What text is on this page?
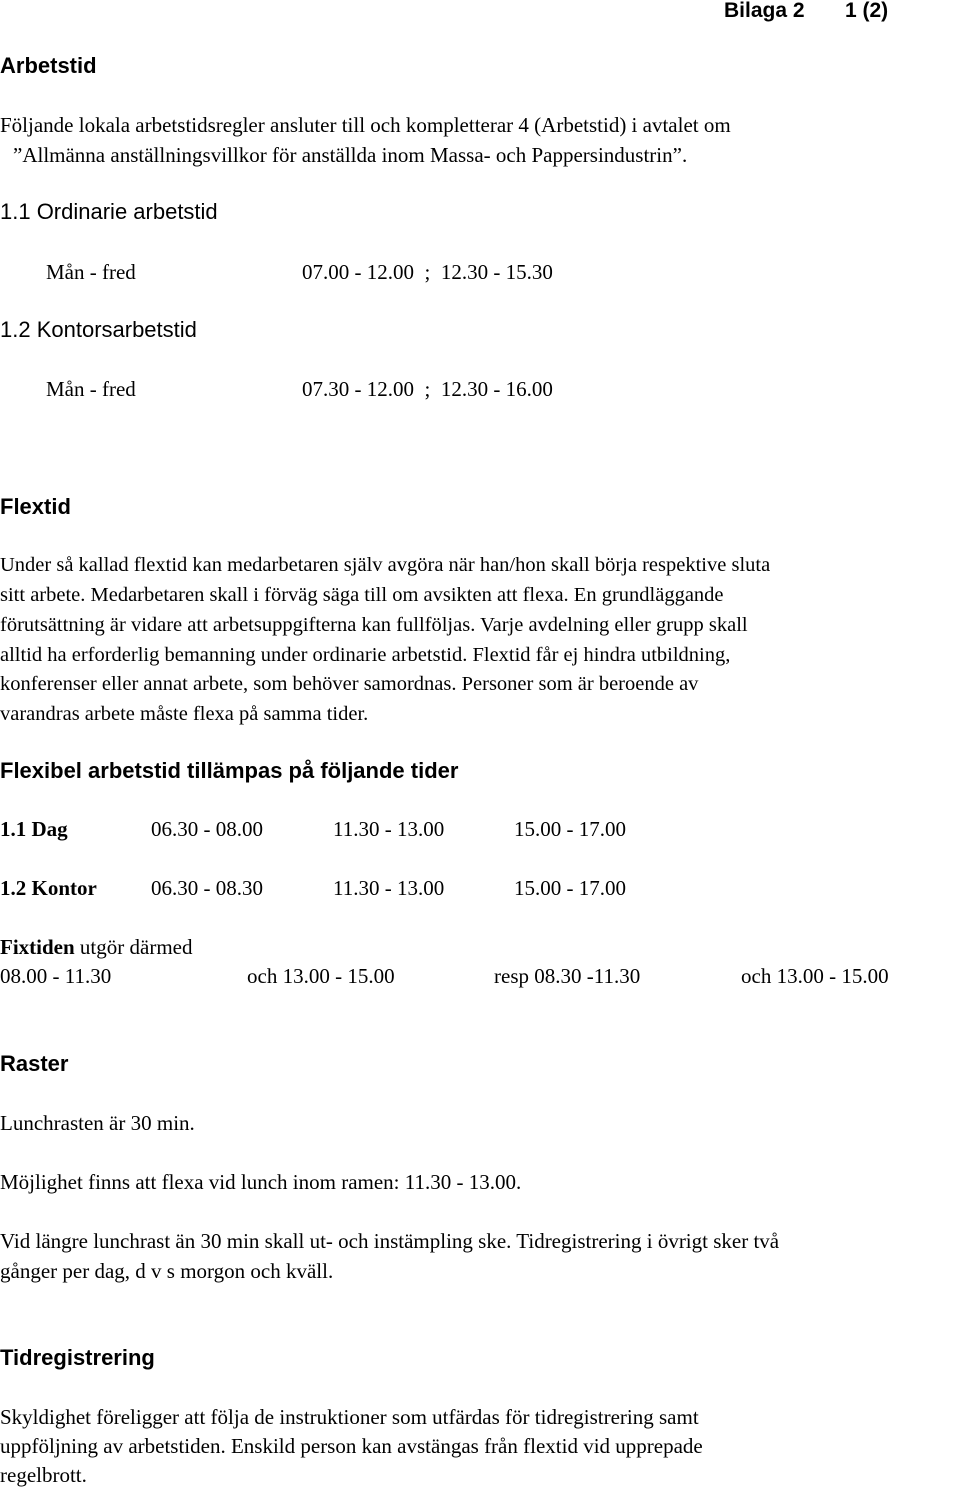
Bilaga 2 1 (2)
Arbetstid
Följande lokala arbetstidsregler ansluter till och kompletterar 4 (Arbetstid) i avtalet om
”Allmänna anställningsvillkor för anställda inom Massa- och Pappersindustrin”.
1.1 Ordinarie arbetstid
Mån - fred	07.00 - 12.00  ;  12.30 - 15.30
1.2 Kontorsarbetstid
Mån - fred	07.30 - 12.00  ;  12.30 - 16.00
Flextid
Under så kallad flextid kan medarbetaren själv avgöra när han/hon skall börja respektive sluta
sitt arbete. Medarbetaren skall i förväg säga till om avsikten att flexa. En grundläggande
förutsättning är vidare att arbetsuppgifterna kan fullföljas. Varje avdelning eller grupp skall
alltid ha erforderlig bemanning under ordinarie arbetstid. Flextid får ej hindra utbildning,
konferenser eller annat arbete, som behöver samordnas. Personer som är beroende av
varandras arbete måste flexa på samma tider.
Flexibel arbetstid tillämpas på följande tider
1.1 Dag	06.30 - 08.00	11.30 - 13.00	15.00 - 17.00
1.2 Kontor	06.30 - 08.30	11.30 - 13.00	15.00 - 17.00
Fixtiden utgör därmed
08.00 - 11.30	och 13.00 - 15.00	resp 08.30 -11.30	och 13.00 - 15.00
Raster
Lunchrasten är 30 min.
Möjlighet finns att flexa vid lunch inom ramen: 11.30 - 13.00.
Vid längre lunchrast än 30 min skall ut- och instämpling ske. Tidregistrering i övrigt sker två
gånger per dag, d v s morgon och kväll.
Tidregistrering
Skyldighet föreligger att följa de instruktioner som utfärdas för tidregistrering samt
uppföljning av arbetstiden. Enskild person kan avstängas från flextid vid upprepade
regelbrott.
